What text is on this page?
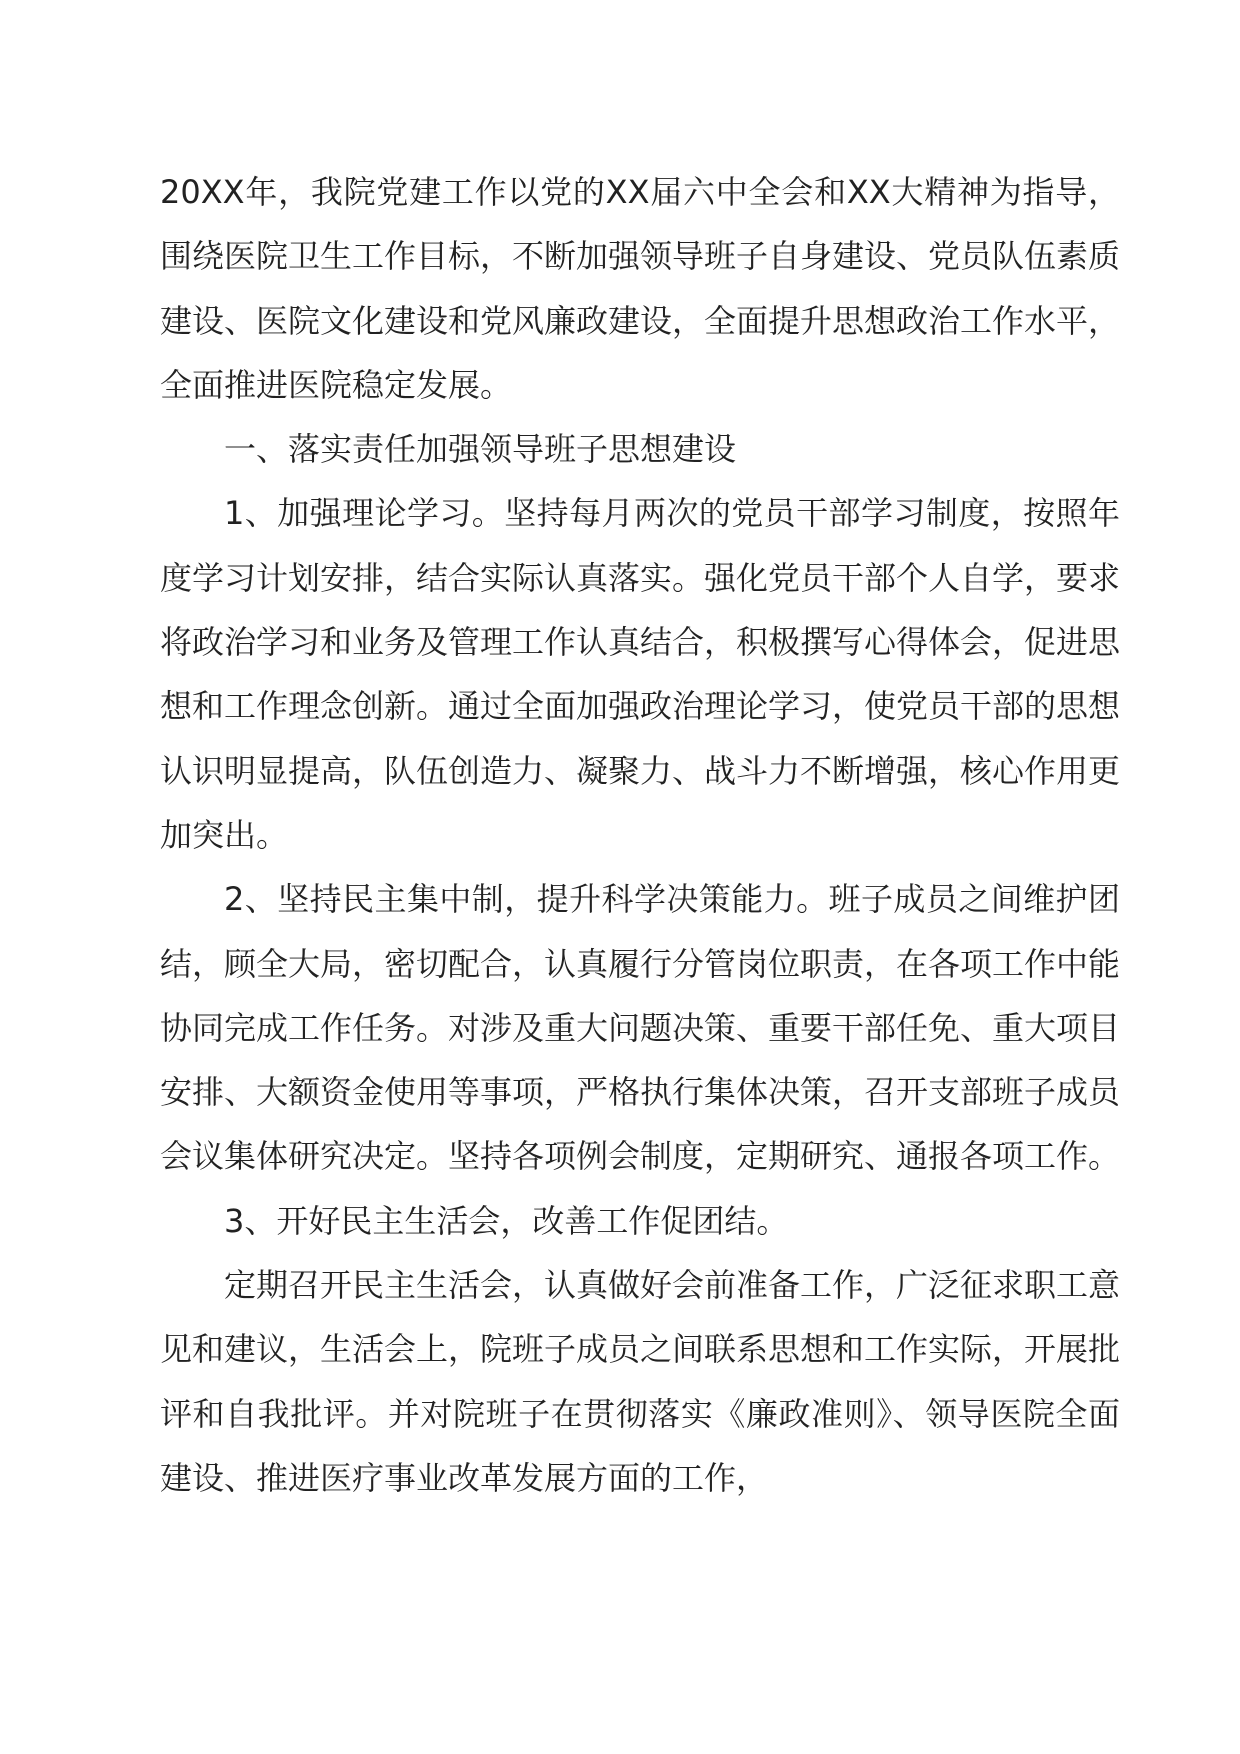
20XX年，我院党建工作以党的XX届六中全会和XX大精神为指导，围绕医院卫生工作目标，不断加强领导班子自身建设、党员队伍素质建设、医院文化建设和党风廉政建设，全面提升思想政治工作水平，全面推进医院稳定发展。

一、落实责任加强领导班子思想建设

1、加强理论学习。坚持每月两次的党员干部学习制度，按照年度学习计划安排，结合实际认真落实。强化党员干部个人自学，要求将政治学习和业务及管理工作认真结合，积极撰写心得体会，促进思想和工作理念创新。通过全面加强政治理论学习，使党员干部的思想认识明显提高，队伍创造力、凝聚力、战斗力不断增强，核心作用更加突出。

2、坚持民主集中制，提升科学决策能力。班子成员之间维护团结，顾全大局，密切配合，认真履行分管岗位职责，在各项工作中能协同完成工作任务。对涉及重大问题决策、重要干部任免、重大项目安排、大额资金使用等事项，严格执行集体决策，召开支部班子成员会议集体研究决定。坚持各项例会制度，定期研究、通报各项工作。

3、开好民主生活会，改善工作促团结。

定期召开民主生活会，认真做好会前准备工作，广泛征求职工意见和建议，生活会上，院班子成员之间联系思想和工作实际，开展批评和自我批评。并对院班子在贯彻落实《廉政准则》、领导医院全面建设、推进医疗事业改革发展方面的工作，
